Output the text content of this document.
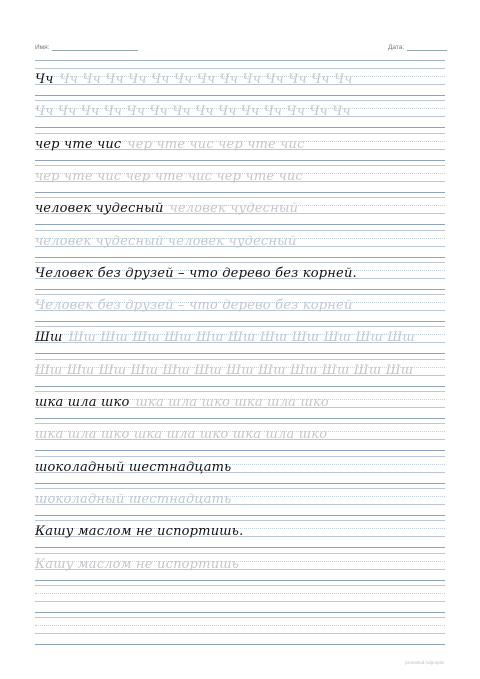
Имя:	Дата:
Чч Чч Чч Чч Чч Чч Чч Чч Чч Чч Чч Чч Чч Чч
Чч Чч Чч Чч Чч Чч Чч Чч Чч Чч Чч Чч Чч Чч
чер чте чис чер чте чис чер чте чис
чер чте чис чер чте чис чер чте чис
человек чудесный человек чудесный
человек чудесный человек чудесный
Человек без друзей – что дерево без корней.
Человек без друзей – что дерево без корней
Шш Шш Шш Шш Шш Шш Шш Шш Шш Шш Шш Шш
Шш Шш Шш Шш Шш Шш Шш Шш Шш Шш Шш Шш
шка шла шко шка шла шко шка шла шко
шка шла шко шка шла шко шка шла шко
шоколадный шестнадцать
шоколадный шестнадцать
Кашу маслом не испортишь.
Кашу маслом не испортишь
prometod.ru/propisi
